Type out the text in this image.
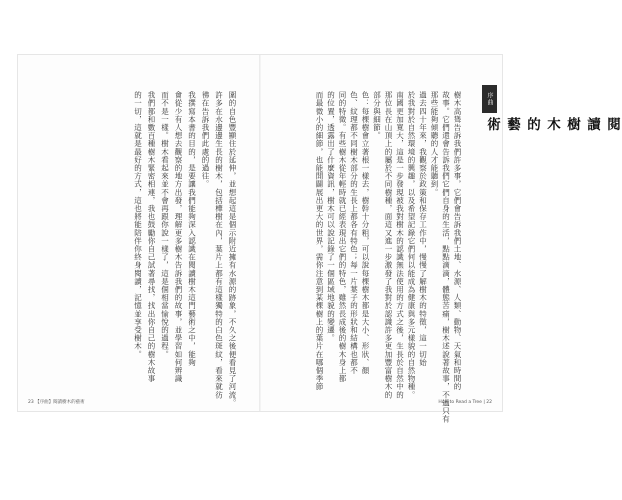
圍的自色豐顯住於延伸，並想起這是個示附近擁有水源的跡象，不久之後便看見了河流。
許多在水邊邊生長的樹木，包括樺樹在內，葉片上都有這樣獨特的白色斑紋，看來就彷
彿在告訴我們此處的過往。
我撰寫本書的目的，是要讓我們能夠深入認識在閱讀樹木這門藝術之中，能夠
會從少有人想去觀察的地方出發，理解更多樹木告訴我們的故事，並學習如何辨識
而不是一樣。樹木看起來並不會再跟你說一樣了，這是個相當愉悅的過程。
我們都和數百種樹木緊密相連，我也鼓勵你自己試著尋找，找出你自己的樹木故事
的一切，這就是最好的方式，這也將能陪伴你終身閱讀，記憶並享受樹木。
23 【序曲】閱讀樹木的藝術
序曲
閱讀樹木的藝術
樹木高聳告訴我們許多事，它們會告訴我們土地、水源、人類、動物、天氣和時間的
故事。它們還會告訴我們它們自身的生活，點點滴滴，體態苦痛，樹木述說著故事，不過只有
那些能夠傾聽的人才能聽到。
過去四十年來，我觀察於政策和保存工作中，慢慢了解樹木的特徵，這一切始
於我對於自然環境的興趣，以及希望記錄它們何以能成為健康與多元樣貌的自然物種。
南國更加寬大，這是一步發現被我對樹木的認識無法使用的方式之後，生長於自然中的
那位長在山頂上的屬於不同樹種，面這又進一步激發了我對於認識許多更加豐富樹木的
部分與細節。
色：每棵樹會立著根一樣去，樹幹十分粗，可以說每棵樹木都是大小、形狀、顏
色、紋理都不同樹木部分的生長上都各有特色；每一片葉子的形狀和結構也都不
同的特徵。有些樹木從年輕時就已經表現出它們的特色，雖然長成後的樹木身上都
的位置，透露出了什麼資訊，樹木可以說記錄了一個區域地貌的變遷。
而最微小的細節，也能開闢展出更大的世界，需你注意到某棵樹上的葉片在哪個季節
How to Read a Tree | 22
